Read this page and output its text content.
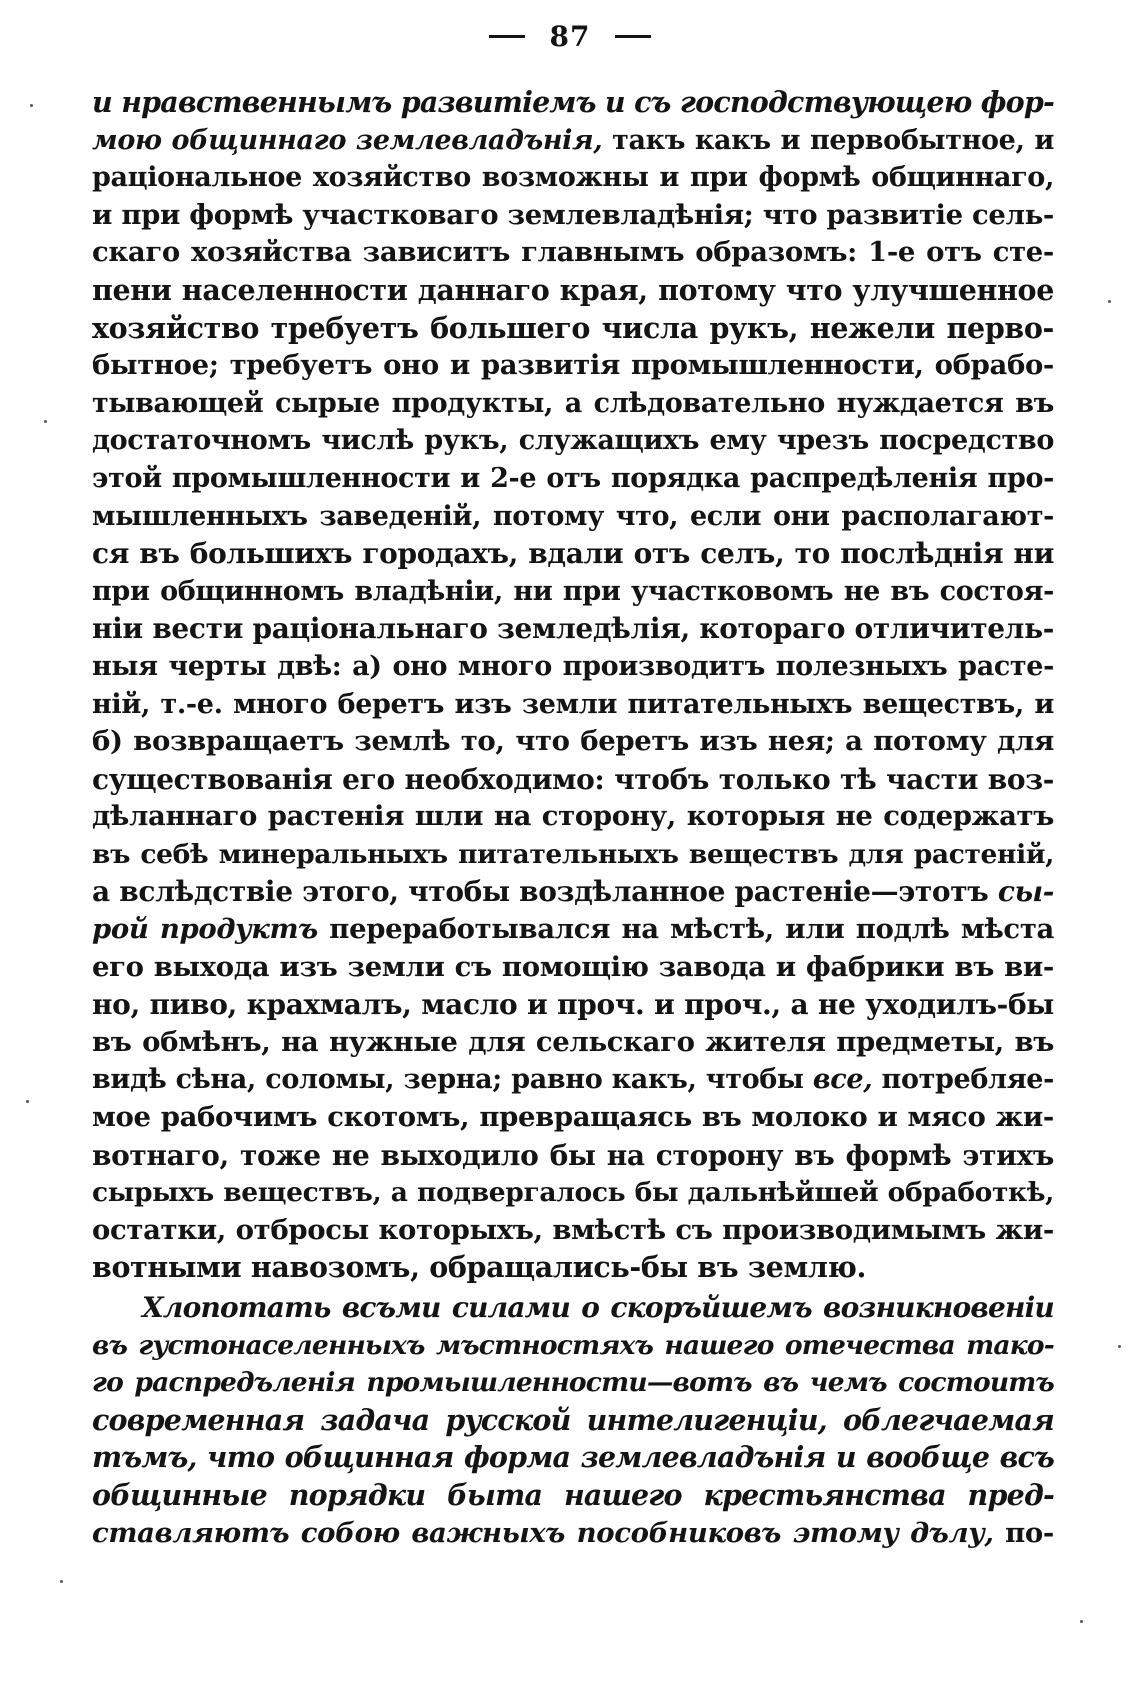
87
и нравственнымъ развитіемъ и съ господствующею фор-
мою общиннаго землевладънія, такъ какъ и первобытное, и
раціональное хозяйство возможны и при формѣ общиннаго,
и при формѣ участковаго землевладѣнія; что развитіе сель-
скаго хозяйства зависитъ главнымъ образомъ: 1-е отъ сте-
пени населенности даннаго края, потому что улучшенное
хозяйство требуетъ большего числа рукъ, нежели перво-
бытное; требуетъ оно и развитія промышленности, обрабо-
тывающей сырые продукты, а слѣдовательно нуждается въ
достаточномъ числѣ рукъ, служащихъ ему чрезъ посредство
этой промышленности и 2-е отъ порядка распредѣленія про-
мышленныхъ заведеній, потому что, если они располагают-
ся въ большихъ городахъ, вдали отъ селъ, то послѣднія ни
при общинномъ владѣніи, ни при участковомъ не въ состоя-
ніи вести раціональнаго земледѣлія, котораго отличитель-
ныя черты двѣ: а) оно много производитъ полезныхъ расте-
ній, т.-е. много беретъ изъ земли питательныхъ веществъ, и
б) возвращаетъ землѣ то, что беретъ изъ нея; а потому для
существованія его необходимо: чтобъ только тѣ части воз-
дѣланнаго растенія шли на сторону, которыя не содержатъ
въ себѣ минеральныхъ питательныхъ веществъ для растеній,
а вслѣдствіе этого, чтобы воздѣланное растеніе—этотъ сы-
рой продуктъ переработывался на мѣстѣ, или подлѣ мѣста
его выхода изъ земли съ помощію завода и фабрики въ ви-
но, пиво, крахмалъ, масло и проч. и проч., а не уходилъ-бы
въ обмѣнъ, на нужные для сельскаго жителя предметы, въ
видѣ сѣна, соломы, зерна; равно какъ, чтобы все, потребляе-
мое рабочимъ скотомъ, превращаясь въ молоко и мясо жи-
вотнаго, тоже не выходило бы на сторону въ формѣ этихъ
сырыхъ веществъ, а подвергалось бы дальнѣйшей обработкѣ,
остатки, отбросы которыхъ, вмѣстѣ съ производимымъ жи-
вотными навозомъ, обращались-бы въ землю.
Хлопотать всъми силами о скоръйшемъ возникновеніи
въ густонаселенныхъ мъстностяхъ нашего отечества тако-
го распредъленія промышленности—вотъ въ чемъ состоитъ
современная задача русской интелигенціи, облегчаемая
тъмъ, что общинная форма землевладънія и вообще всъ
общинные порядки быта нашего крестьянства пред-
ставляютъ собою важныхъ пособниковъ этому дълу, по-
